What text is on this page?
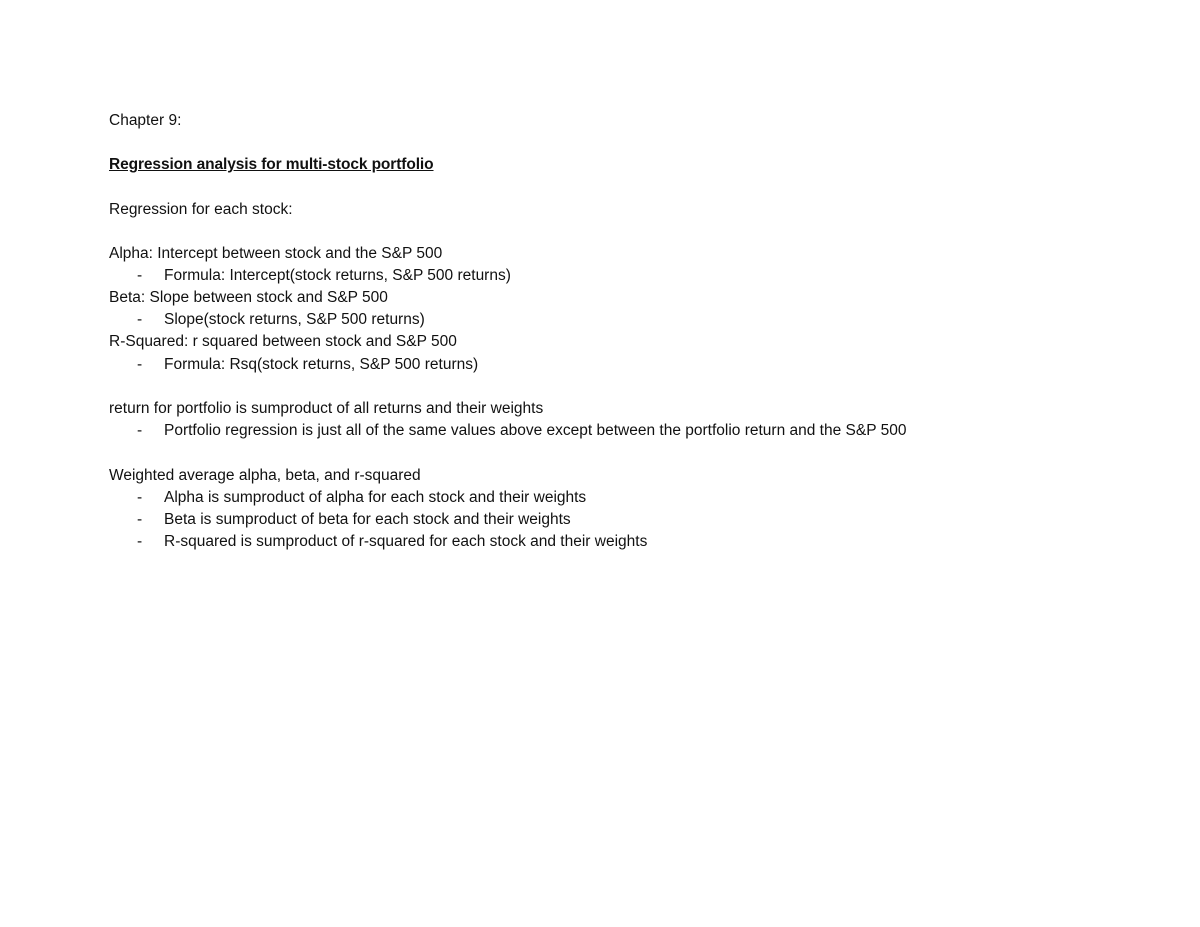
Chapter 9:
Regression analysis for multi-stock portfolio
Regression for each stock:
Alpha: Intercept between stock and the S&P 500
- Formula: Intercept(stock returns, S&P 500 returns)
Beta: Slope between stock and S&P 500
- Slope(stock returns, S&P 500 returns)
R-Squared: r squared between stock and S&P 500
- Formula: Rsq(stock returns, S&P 500 returns)
return for portfolio is sumproduct of all returns and their weights
- Portfolio regression is just all of the same values above except between the portfolio return and the S&P 500
Weighted average alpha, beta, and r-squared
- Alpha is sumproduct of alpha for each stock and their weights
- Beta is sumproduct of beta for each stock and their weights
- R-squared is sumproduct of r-squared for each stock and their weights
